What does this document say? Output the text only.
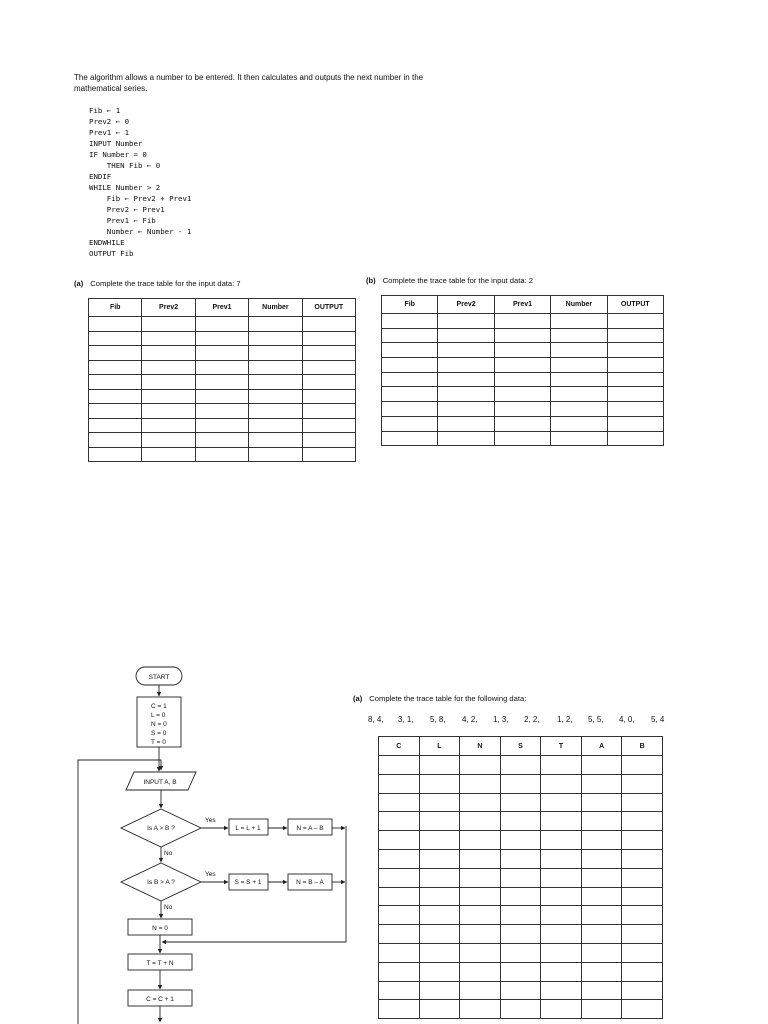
The algorithm allows a number to be entered. It then calculates and outputs the next number in the mathematical series.
Fib ← 1
Prev2 ← 0
Prev1 ← 1
INPUT Number
IF Number = 0
THEN Fib ← 0
ENDIF
WHILE Number > 2
Fib ← Prev2 + Prev1
Prev2 ← Prev1
Prev1 ← Fib
Number ← Number - 1
ENDWHILE
OUTPUT Fib
(a) Complete the trace table for the input data: 7
Fib	Prev2	Prev1	Number	OUTPUT

(b) Complete the trace table for the input data: 2
Fib	Prev2	Prev1	Number	OUTPUT

START
C = 1
L = 0
N = 0
S = 0
T = 0
INPUT A, B
Is A > B ?
Is B > A ?
Yes
Yes
No
No
L = L + 1	N = A – B
S = S + 1	N = B – A
N = 0
T = T + N
C = C + 1
(a) Complete the trace table for the following data:
8, 4, 3, 1, 5, 8, 4, 2, 1, 3, 2, 2, 1, 2, 5, 5, 4, 0, 5, 4
C	L	N	S	T	A	B
